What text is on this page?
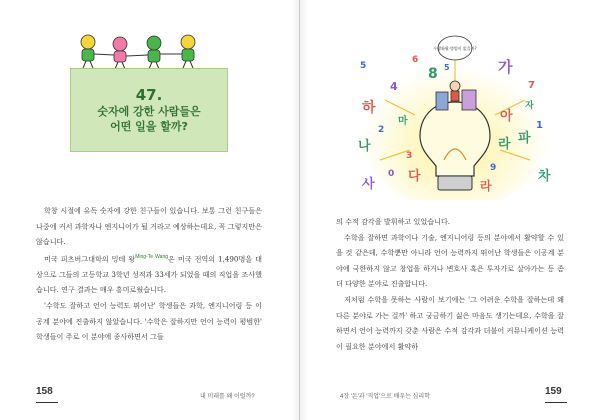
47.
숫자에 강한 사람들은
어떤 일을 할까?

학창 시절에 유독 숫자에 강한 친구들이 있습니다. 보통 그런 친구들은 나중에 커서 과학자나 엔지니어가 될 거라고 예상하는데요, 꼭 그렇지만은 않습니다.

미국 피츠버그대학의 밍테 왕$^{Ming-Te Wang}$은 미국 전역의 1,490명을 대상으로 그들의 고등학교 3학년 성적과 33세가 되었을 때의 직업을 조사했습니다. 연구 결과는 매우 흥미로웠습니다.

'수학도 잘하고 언어 능력도 뛰어난' 학생들은 과학, 엔지니어링 등 이공계 분야에 진출하지 않았습니다. '수학은 잘하지만 언어 능력이 평범한' 학생들이 주로 이 분야에 종사하면서 그들

158	내 미래를 왜 이럴까?
우왕좌왕 방법이 없을까?
5
6
8	가
하
4	7
2
나
마
3
라
1
사
차
파
다
0
9
아
자
라
5

의 수적 감각을 발휘하고 있었습니다.

수학을 잘하면 과학이나 기술, 엔지니어링 등의 분야에서 활약할 수 있을 것 같은데, 수학뿐만 아니라 언어 능력까지 뛰어난 학생들은 이공계 분야에 국한하지 않고 창업을 하거나 변호사 혹은 투자가로 살아가는 등 좀 더 다양한 분야로 진출합니다.

저처럼 수학을 못하는 사람이 보기에는 '그 어려운 수학을 잘하는데 왜 다른 분야로 가는 걸까' 하고 궁금하기 싫은 마음도 생기는데요, 수학을 잘하면서 언어 능력까지 갖춘 사람은 수적 감각과 더불어 커뮤니케이션 능력이 필요한 분야에서 활약하

4장 '돈'과 '직업'으로 배우는 심리학	159
